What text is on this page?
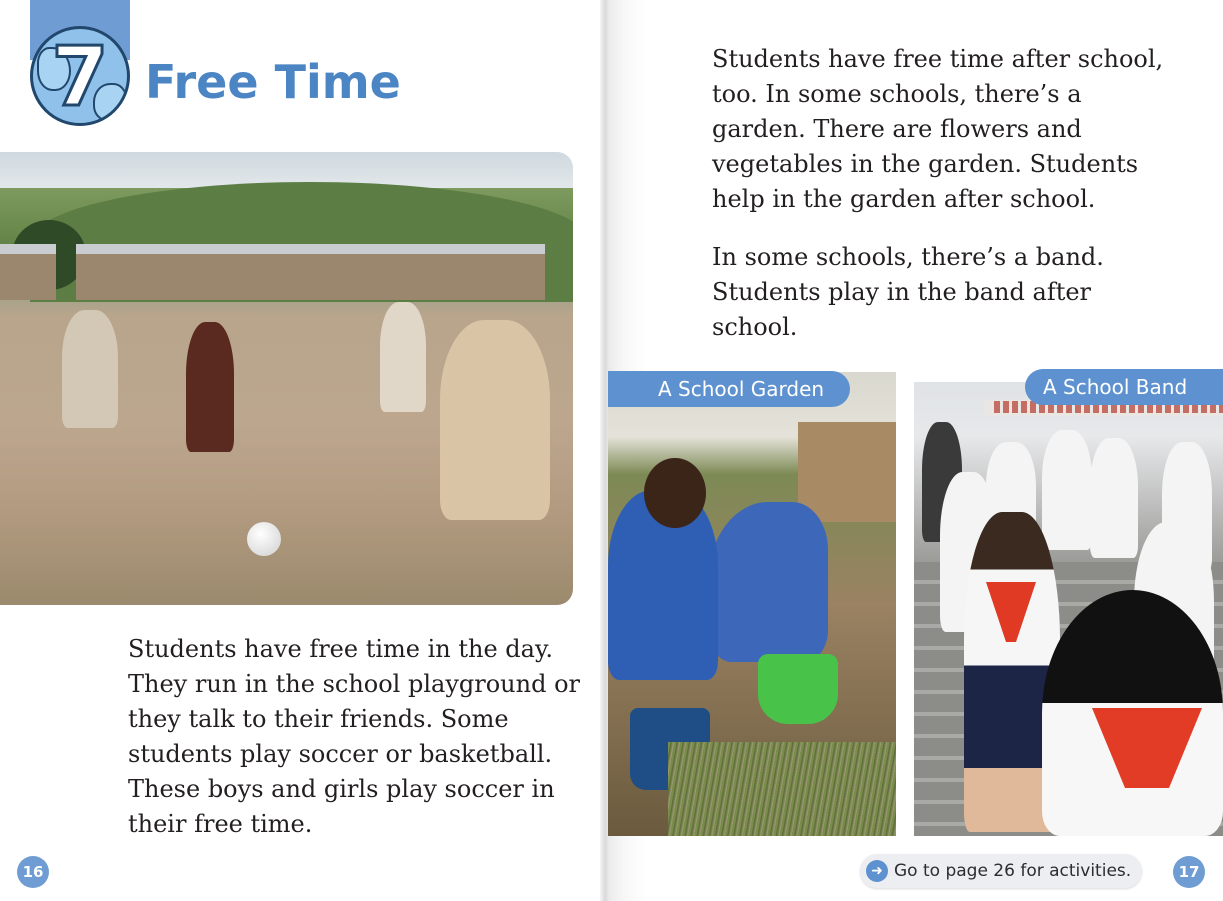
7 Free Time

Students have free time in the day. They run in the school playground or they talk to their friends. Some students play soccer or basketball. These boys and girls play soccer in their free time.

16

Students have free time after school, too. In some schools, there’s a garden. There are flowers and vegetables in the garden. Students help in the garden after school.

In some schools, there’s a band. Students play in the band after school.

A School Garden	A School Band
➜ Go to page 26 for activities.	17
